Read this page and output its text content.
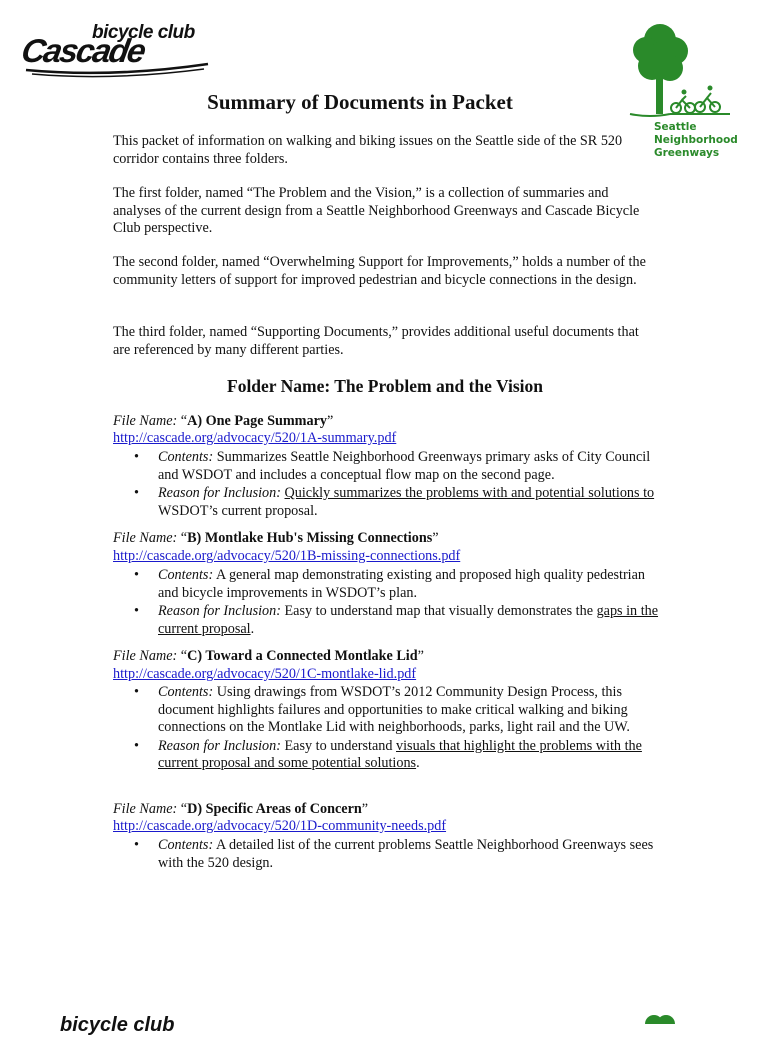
bicycle club
Cascade
Seattle
Neighborhood
Greenways
Summary of Documents in Packet
This packet of information on walking and biking issues on the Seattle side of the SR 520 corridor contains three folders.
The first folder, named “The Problem and the Vision,” is a collection of summaries and analyses of the current design from a Seattle Neighborhood Greenways and Cascade Bicycle Club perspective.
The second folder, named “Overwhelming Support for Improvements,” holds a number of the community letters of support for improved pedestrian and bicycle connections in the design.
The third folder, named “Supporting Documents,” provides additional useful documents that are referenced by many different parties.
Folder Name: The Problem and the Vision
File Name: “A) One Page Summary”
http://cascade.org/advocacy/520/1A-summary.pdf
• Contents: Summarizes Seattle Neighborhood Greenways primary asks of City Council and WSDOT and includes a conceptual flow map on the second page.
• Reason for Inclusion: Quickly summarizes the problems with and potential solutions to WSDOT’s current proposal.
File Name: “B) Montlake Hub's Missing Connections”
http://cascade.org/advocacy/520/1B-missing-connections.pdf
• Contents: A general map demonstrating existing and proposed high quality pedestrian and bicycle improvements in WSDOT’s plan.
• Reason for Inclusion: Easy to understand map that visually demonstrates the gaps in the current proposal.
File Name: “C) Toward a Connected Montlake Lid”
http://cascade.org/advocacy/520/1C-montlake-lid.pdf
• Contents: Using drawings from WSDOT’s 2012 Community Design Process, this document highlights failures and opportunities to make critical walking and biking connections on the Montlake Lid with neighborhoods, parks, light rail and the UW.
• Reason for Inclusion: Easy to understand visuals that highlight the problems with the current proposal and some potential solutions.
File Name: “D) Specific Areas of Concern”
http://cascade.org/advocacy/520/1D-community-needs.pdf
• Contents: A detailed list of the current problems Seattle Neighborhood Greenways sees with the 520 design.
bicycle club
